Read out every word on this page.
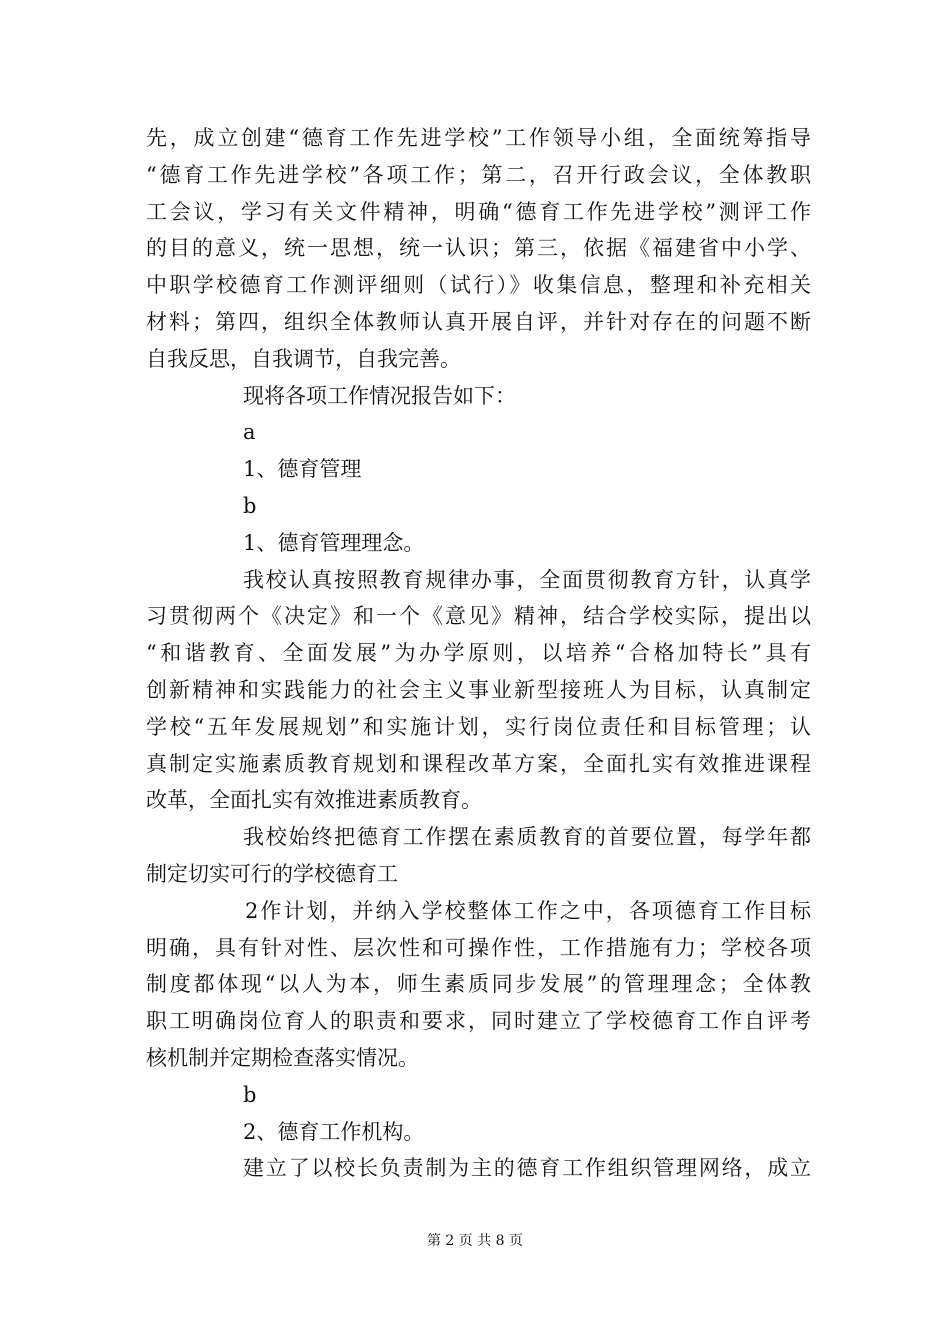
先，成立创建“德育工作先进学校”工作领导小组，全面统筹指导
“德育工作先进学校”各项工作；第二，召开行政会议，全体教职
工会议，学习有关文件精神，明确“德育工作先进学校”测评工作
的目的意义，统一思想，统一认识；第三，依据《福建省中小学、
中职学校德育工作测评细则（试行）》收集信息，整理和补充相关
材料；第四，组织全体教师认真开展自评，并针对存在的问题不断
自我反思，自我调节，自我完善。
现将各项工作情况报告如下：
a
1、德育管理
b
1、德育管理理念。
我校认真按照教育规律办事，全面贯彻教育方针，认真学
习贯彻两个《决定》和一个《意见》精神，结合学校实际，提出以
“和谐教育、全面发展”为办学原则，以培养“合格加特长”具有
创新精神和实践能力的社会主义事业新型接班人为目标，认真制定
学校“五年发展规划”和实施计划，实行岗位责任和目标管理；认
真制定实施素质教育规划和课程改革方案，全面扎实有效推进课程
改革，全面扎实有效推进素质教育。
我校始终把德育工作摆在素质教育的首要位置，每学年都
制定切实可行的学校德育工
2作计划，并纳入学校整体工作之中，各项德育工作目标
明确，具有针对性、层次性和可操作性，工作措施有力；学校各项
制度都体现“以人为本，师生素质同步发展”的管理理念；全体教
职工明确岗位育人的职责和要求，同时建立了学校德育工作自评考
核机制并定期检查落实情况。
b
2、德育工作机构。
建立了以校长负责制为主的德育工作组织管理网络，成立
第 2 页 共 8 页
